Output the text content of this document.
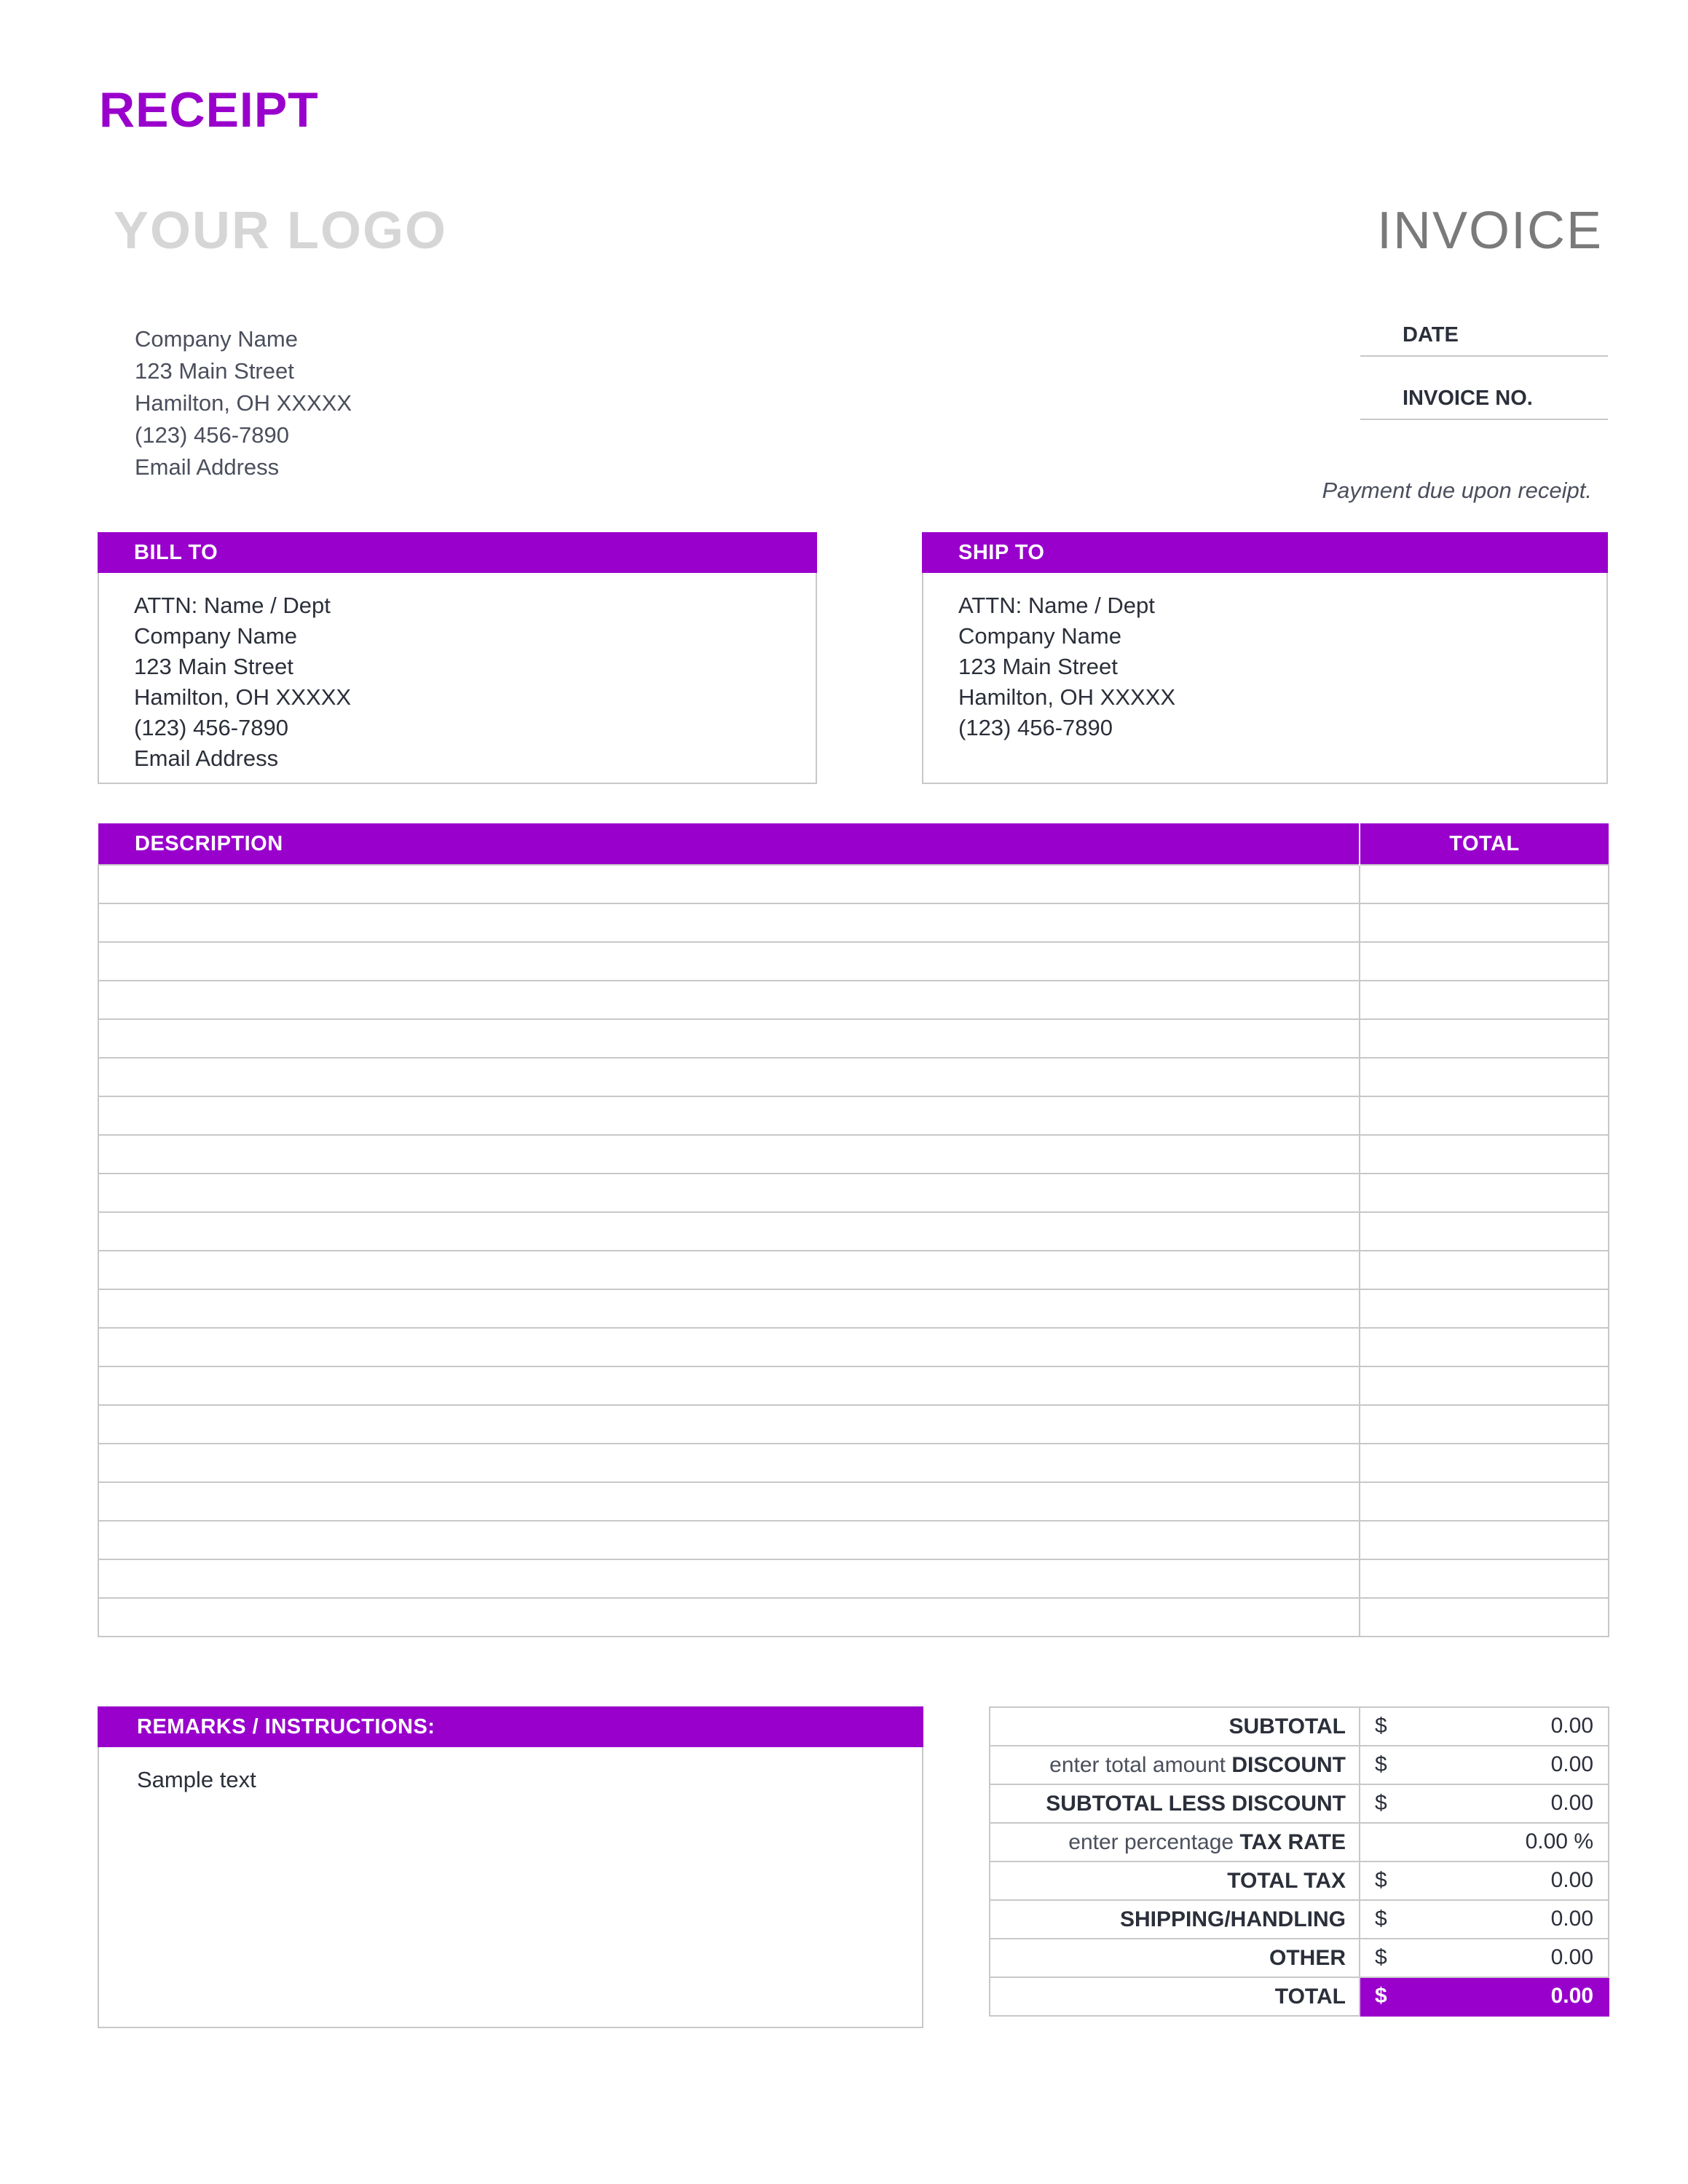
RECEIPT
YOUR LOGO	INVOICE
Company Name
123 Main Street
Hamilton, OH XXXXX
(123) 456-7890
Email Address
DATE
INVOICE NO.
Payment due upon receipt.
BILL TO
ATTN: Name / Dept
Company Name
123 Main Street
Hamilton, OH XXXXX
(123) 456-7890
Email Address
SHIP TO
ATTN: Name / Dept
Company Name
123 Main Street
Hamilton, OH XXXXX
(123) 456-7890
DESCRIPTION	TOTAL

REMARKS / INSTRUCTIONS:
Sample text
SUBTOTAL	$ 0.00

enter total amount DISCOUNT	$ 0.00

SUBTOTAL LESS DISCOUNT	$ 0.00

enter percentage TAX RATE	0.00 %

TOTAL TAX	$ 0.00

SHIPPING/HANDLING	$ 0.00

OTHER	$ 0.00

TOTAL	$ 0.00
